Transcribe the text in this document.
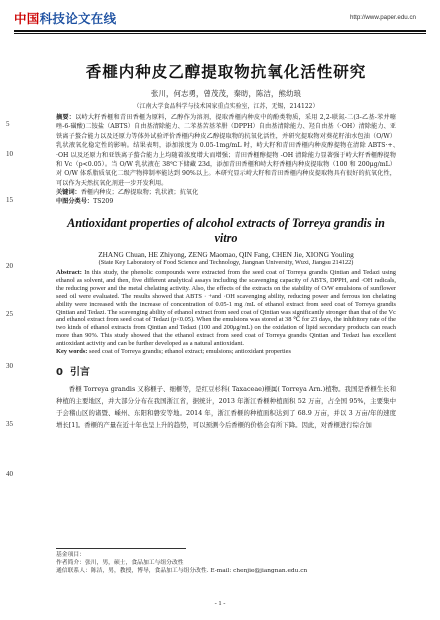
中国科技论文在线	http://www.paper.edu.cn
5
10
15
20
25
30
35
40
香榧内种皮乙醇提取物抗氧化活性研究
张川，何志勇，曾茂茂，秦昉，陈洁，熊幼琅
（江南大学食品科学与技术国家重点实验室，江苏，无锡，214122）
摘要：以峙大籽香榧和青田香榧为原料，乙醇作为溶剂，提取香榧内种皮中的酚类物质，采用 2,2-联氮-二(3-乙基-苯并噻唑-6-磺酸)二铵盐（ABTS）自由基清除能力、二苯基苦基苯肼（DPPH）自由基清除能力、羟自由基（·OH）清除能力、亚铁离子螯合能力以及还原力等体外试验评价香榧内种皮乙醇提取物的抗氧化活性，并研究提取物对葵花籽油水包油（O/W）乳状液氧化稳定性的影响。结果表明，添加浓度为 0.05-1mg/mL 时，峙大籽和青田香榧内种皮醇提物在清除 ABTS·+、·OH 以及还原力和亚铁离子螯合能力上均随着浓度增大而增强；青田香榧醇提物 -OH 清除能力显著强于峙大籽香榧醇提物和 Vc（p<0.05）。当 O/W 乳状液在 38℃下储藏 23d，添加青田香榧和峙大籽香榧内种皮提取物（100 和 200μg/mL）对 O/W 体系脂质氧化二级产物抑制率能达到 90%以上。本研究显示峙大籽和青田香榧内种皮提取物具有很好的抗氧化性，可以作为天然抗氧化剂进一步开发利用。
关键词：香榧内种皮；乙醇提取物；乳状液；抗氧化
中图分类号：TS209
Antioxidant properties of alcohol extracts of Torreya grandis in vitro
ZHANG Chuan, HE Zhiyong, ZENG Maomao, QIN Fang, CHEN Jie, XIONG Youling
(State Key Laboratory of Food Science and Technology, Jiangnan University, Wuxi, Jiangsu 214122)
Abstract: In this study, the phenolic compounds were extracted from the seed coat of Torreya grandis Qintian and Tedazi using ethanol as solvent, and then, five different analytical assays including the scavenging capacity of ABTS, DPPH, and ·OH radicals, the reducing power and the metal chelating activity. Also, the effects of the extracts on the stability of O/W emulsions of sunflower seed oil were evaluated. The results showed that ABTS · +and ·OH scavenging ability, reducing power and ferrous ion chelating ability were increased with the increase of concentration of 0.05-1 mg /mL of ethanol extract from seed coat of Torreya grandis Qintian and Tedazi. The scavenging ability of ethanol extract from seed coat of Qintian was significantly stronger than that of the Vc and ethanol extract from seed coat of Tedazi (p<0.05). When the emulsions was stored at 38 ℃ for 23 days, the inhibitory rate of the two kinds of ethanol extracts from Qintian and Tedazi (100 and 200μg/mL) on the oxidation of lipid secondary products can reach more than 90%. This study showed that the ethanol extract from seed coat of Torreya grandis Qintian and Tedazi has excellent antioxidant activity and can be further developed as a natural antioxidant.
Key words: seed coat of Torreya grandis; ethanol extract; emulsions; antioxidant properties
0 引言
香榧 Torreya grandis 又称榧子、细榧等，是红豆杉科( Taxaceae)榧属( Torreya Arn.)植物。我国是香榧生长和种植的主要地区，并大部分分布在我国浙江省，据统计，2013 年浙江香榧种植面积 52 万亩，占全国 95%，主要集中于会稽山区的诸暨、嵊州、东阳和磐安等地。2014 年，浙江香榧的种植面积达到了 68.9 万亩，并以 3 万亩/年的速度增长[1]。香榧的产量在近十年也呈上升的趋势，可以预测今后香榧的价格会有所下降。因此，对香榧进行综合加
基金项目：
作者简介：张川，男，硕士，食品加工与组分改性
通信联系人：陈洁，男，教授，博导，食品加工与组分改性. E-mail: chenjie@jiangnan.edu.cn
- 1 -
